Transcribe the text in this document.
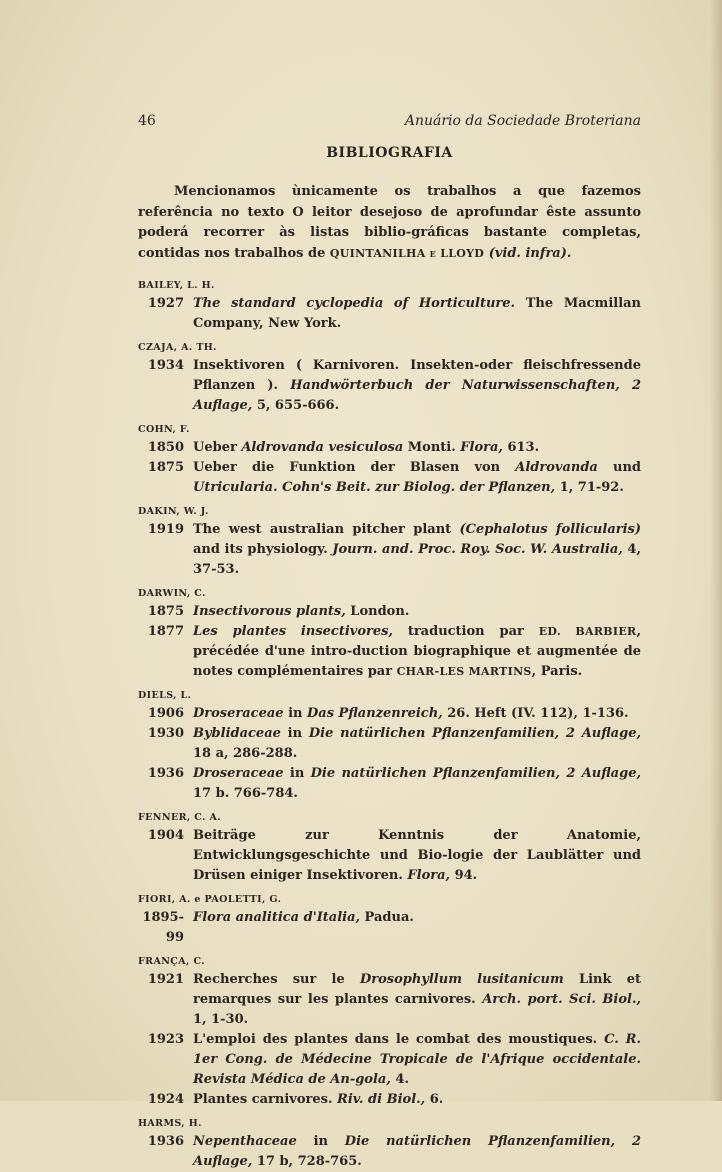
46	Anuário da Sociedade Broteriana
BIBLIOGRAFIA
Mencionamos ùnicamente os trabalhos a que fazemos referência no texto O leitor desejoso de aprofundar êste assunto poderá recorrer às listas biblio-gráficas bastante completas, contidas nos trabalhos de QUINTANILHA e LLOYD (vid. infra).
BAILEY, L. H.
1927 The standard cyclopedia of Horticulture. The Macmillan Company, New York.
CZAJA, A. TH.
1934 Insektivoren ( Karnivoren. Insekten-oder fleischfressende Pflanzen ). Handwörterbuch der Naturwissenschaften, 2 Auflage, 5, 655-666.
COHN, F.
1850 Ueber Aldrovanda vesiculosa Monti. Flora, 613.
1875 Ueber die Funktion der Blasen von Aldrovanda und Utricularia. Cohn's Beit. zur Biolog. der Pflanzen, 1, 71-92.
DAKIN, W. J.
1919 The west australian pitcher plant (Cephalotus follicularis) and its physiology. Journ. and. Proc. Roy. Soc. W. Australia, 4, 37-53.
DARWIN, C.
1875 Insectivorous plants, London.
1877 Les plantes insectivores, traduction par ED. BARBIER, précédée d'une intro-duction biographique et augmentée de notes complémentaires par CHAR-LES MARTINS, Paris.
DIELS, L.
1906 Droseraceae in Das Pflanzenreich, 26. Heft (IV. 112), 1-136.
1930 Byblidaceae in Die natürlichen Pflanzenfamilien, 2 Auflage, 18 a, 286-288.
1936 Droseraceae in Die natürlichen Pflanzenfamilien, 2 Auflage, 17 b. 766-784.
FENNER, C. A.
1904 Beiträge zur Kenntnis der Anatomie, Entwicklungsgeschichte und Bio-logie der Laublätter und Drüsen einiger Insektivoren. Flora, 94.
FIORI, A. e PAOLETTI, G.
1895-99
Flora analitica d'Italia, Padua.
FRANÇA, C.
1921 Recherches sur le Drosophyllum lusitanicum Link et remarques sur les plantes carnivores. Arch. port. Sci. Biol., 1, 1-30.
1923 L'emploi des plantes dans le combat des moustiques. C. R. 1er Cong. de Médecine Tropicale de l'Afrique occidentale. Revista Médica de An-gola, 4.
1924 Plantes carnivores. Riv. di Biol., 6.
HARMS, H.
1936 Nepenthaceae in Die natürlichen Pflanzenfamilien, 2 Auflage, 17 b, 728-765.
